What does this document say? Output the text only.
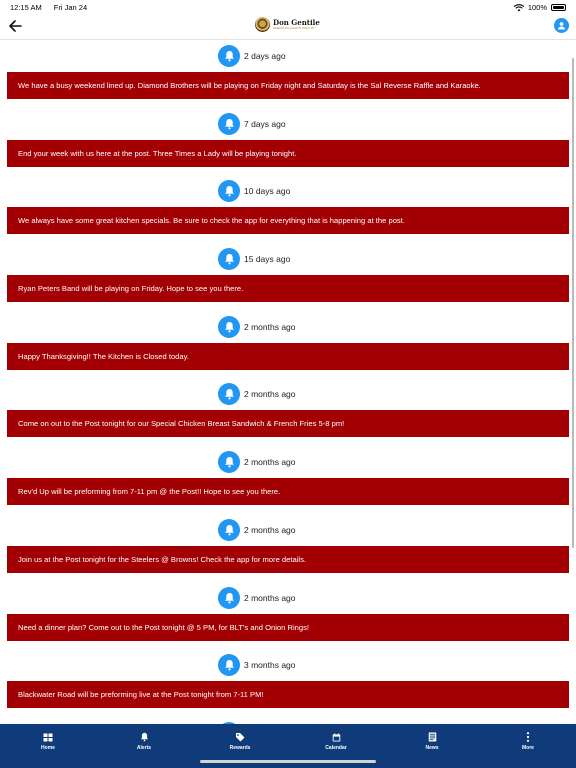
12:15 AM Fri Jan 24	100%
Don Gentile
AMERICAN LEGION POST 25
2 days ago
We have a busy weekend lined up. Diamond Brothers will be playing on Friday night and Saturday is the Sal Reverse Raffle and Karaoke.
7 days ago
End your week with us here at the post. Three Times a Lady will be playing tonight.
10 days ago
We always have some great kitchen specials. Be sure to check the app for everything that is happening at the post.
15 days ago
Ryan Peters Band will be playing on Friday. Hope to see you there.
2 months ago
Happy Thanksgiving!! The Kitchen is Closed today.
2 months ago
Come on out to the Post tonight for our Special Chicken Breast Sandwich & French Fries 5-8 pm!
2 months ago
Rev'd Up will be preforming from 7-11 pm @ the Post!! Hope to see you there.
2 months ago
Join us at the Post tonight for the Steelers @ Browns! Check the app for more details.
2 months ago
Need a dinner plan? Come out to the Post tonight @ 5 PM, for BLT's and Onion Rings!
3 months ago
Blackwater Road will be preforming live at the Post tonight from 7-11 PM!
Home	Alerts	Rewards	Calendar	News	More
